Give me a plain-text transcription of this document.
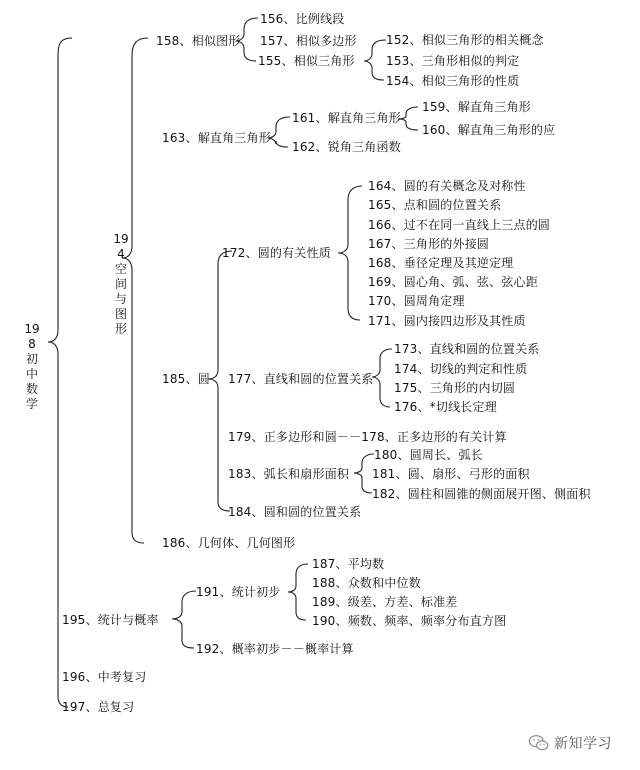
198初中数学
194空间与图形
158、相似图形
156、比例线段
157、相似多边形
155、相似三角形
152、相似三角形的相关概念
153、三角形相似的判定
154、相似三角形的性质
163、解直角三角形
161、解直角三角形
162、锐角三角函数
159、解直角三角形
160、解直角三角形的应
185、圆
172、圆的有关性质
164、圆的有关概念及对称性
165、点和圆的位置关系
166、过不在同一直线上三点的圆
167、三角形的外接圆
168、垂径定理及其逆定理
169、圆心角、弧、弦、弦心距
170、圆周角定理
171、圆内接四边形及其性质
177、直线和圆的位置关系
173、直线和圆的位置关系
174、切线的判定和性质
175、三角形的内切圆
176、*切线长定理
179、正多边形和圆－－178、正多边形的有关计算
183、弧长和扇形面积
180、圆周长、弧长
181、圆、扇形、弓形的面积
182、圆柱和圆锥的侧面展开图、侧面积
184、圆和圆的位置关系
186、几何体、几何图形
195、统计与概率
191、统计初步
187、平均数
188、众数和中位数
189、级差、方差、标准差
190、频数、频率、频率分布直方图
192、概率初步－－概率计算
196、中考复习
197、总复习
新知学习
